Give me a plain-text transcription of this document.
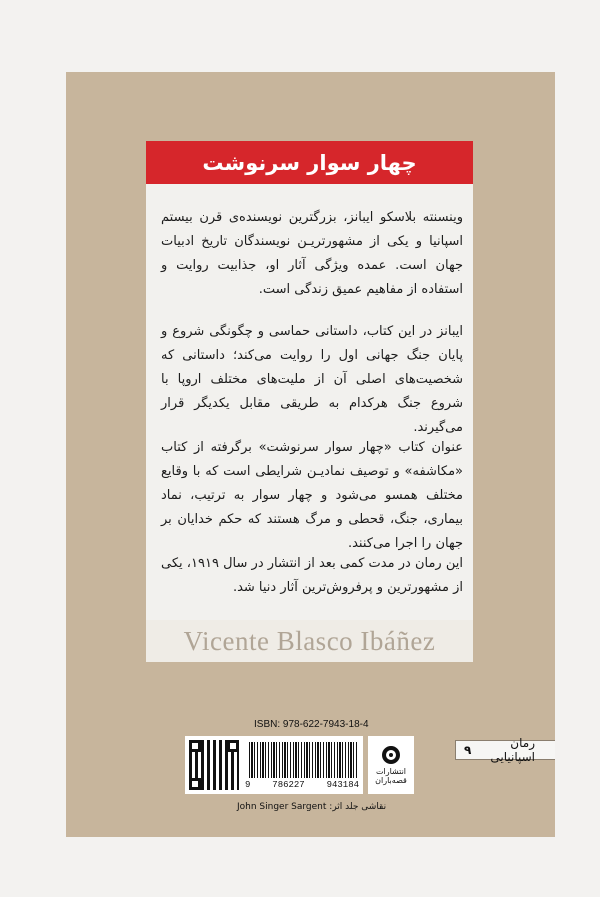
چهار سوار سرنوشت
وینسنته بلاسکو ایبانز، بزرگترین نویسنده‌ی قرن بیستم اسپانیا و یکی از مشهورتریـن نویسندگان تاریخ ادبیات جهان است. عمده ویژگی آثار او، جذابیت روایت و استفاده از مفاهیم عمیق زندگی است.
ایبانز در این کتاب، داستانی حماسی و چگونگی شروع و پایان جنگ جهانی اول را روایت می‌کند؛ داستانی که شخصیت‌های اصلی آن از ملیت‌های مختلف اروپا با شروع جنگ هرکدام به طریقی مقابل یکدیگر قرار می‌گیرند.
عنوان کتاب «چهار سوار سرنوشت» برگرفته از کتاب «مکاشفه» و توصیف نمادیـن شرایطی است که با وقایع مختلف همسو می‌شود و چهار سوار به ترتیب، نماد بیماری، جنگ، قحطی و مرگ هستند که حکم خدایان بر جهان را اجرا می‌کنند.
این رمان در مدت کمی بعد از انتشار در سال ۱۹۱۹، یکی از مشهورترین و پرفروش‌ترین آثار دنیا شد.
Vicente Blasco Ibáñez
ISBN: 978-622-7943-18-4
9 786227 943184
انتشارات قصه‌باران
رمان اسپانیایی
۹
نقاشی جلد اثر: John Singer Sargent
